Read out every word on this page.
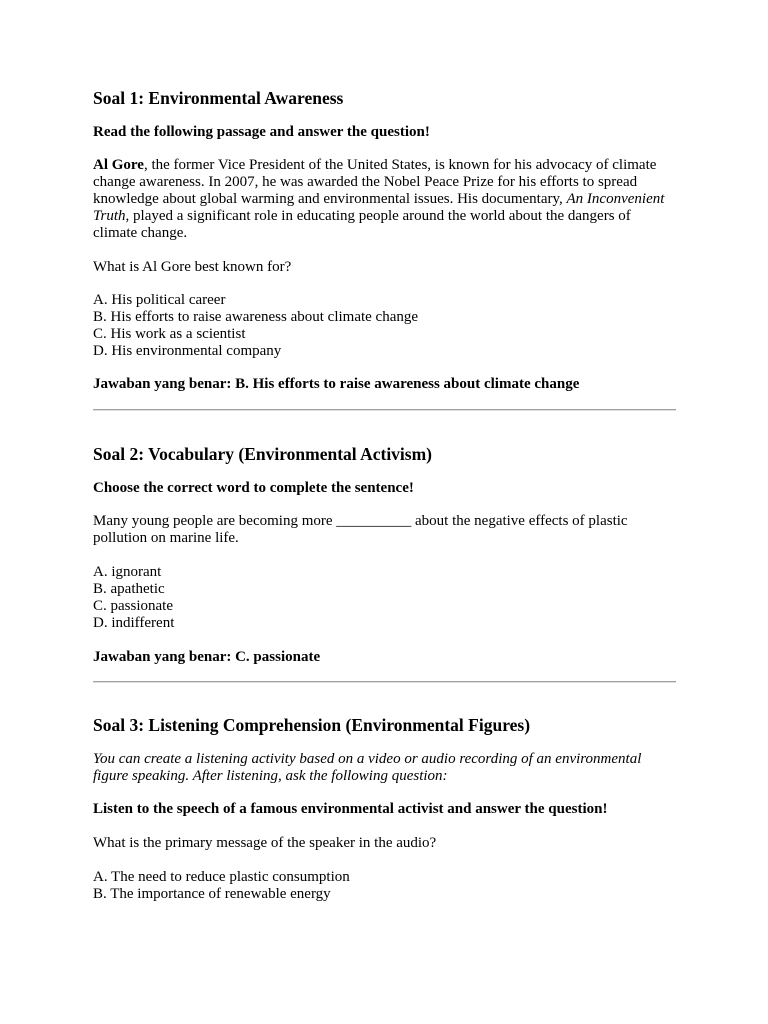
Soal 1: Environmental Awareness

Read the following passage and answer the question!

Al Gore, the former Vice President of the United States, is known for his advocacy of climate change awareness. In 2007, he was awarded the Nobel Peace Prize for his efforts to spread knowledge about global warming and environmental issues. His documentary, An Inconvenient Truth, played a significant role in educating people around the world about the dangers of climate change.

What is Al Gore best known for?

A. His political career
B. His efforts to raise awareness about climate change
C. His work as a scientist
D. His environmental company

Jawaban yang benar: B. His efforts to raise awareness about climate change

Soal 2: Vocabulary (Environmental Activism)

Choose the correct word to complete the sentence!

Many young people are becoming more __________ about the negative effects of plastic pollution on marine life.

A. ignorant
B. apathetic
C. passionate
D. indifferent

Jawaban yang benar: C. passionate

Soal 3: Listening Comprehension (Environmental Figures)

You can create a listening activity based on a video or audio recording of an environmental figure speaking. After listening, ask the following question:

Listen to the speech of a famous environmental activist and answer the question!

What is the primary message of the speaker in the audio?

A. The need to reduce plastic consumption
B. The importance of renewable energy
